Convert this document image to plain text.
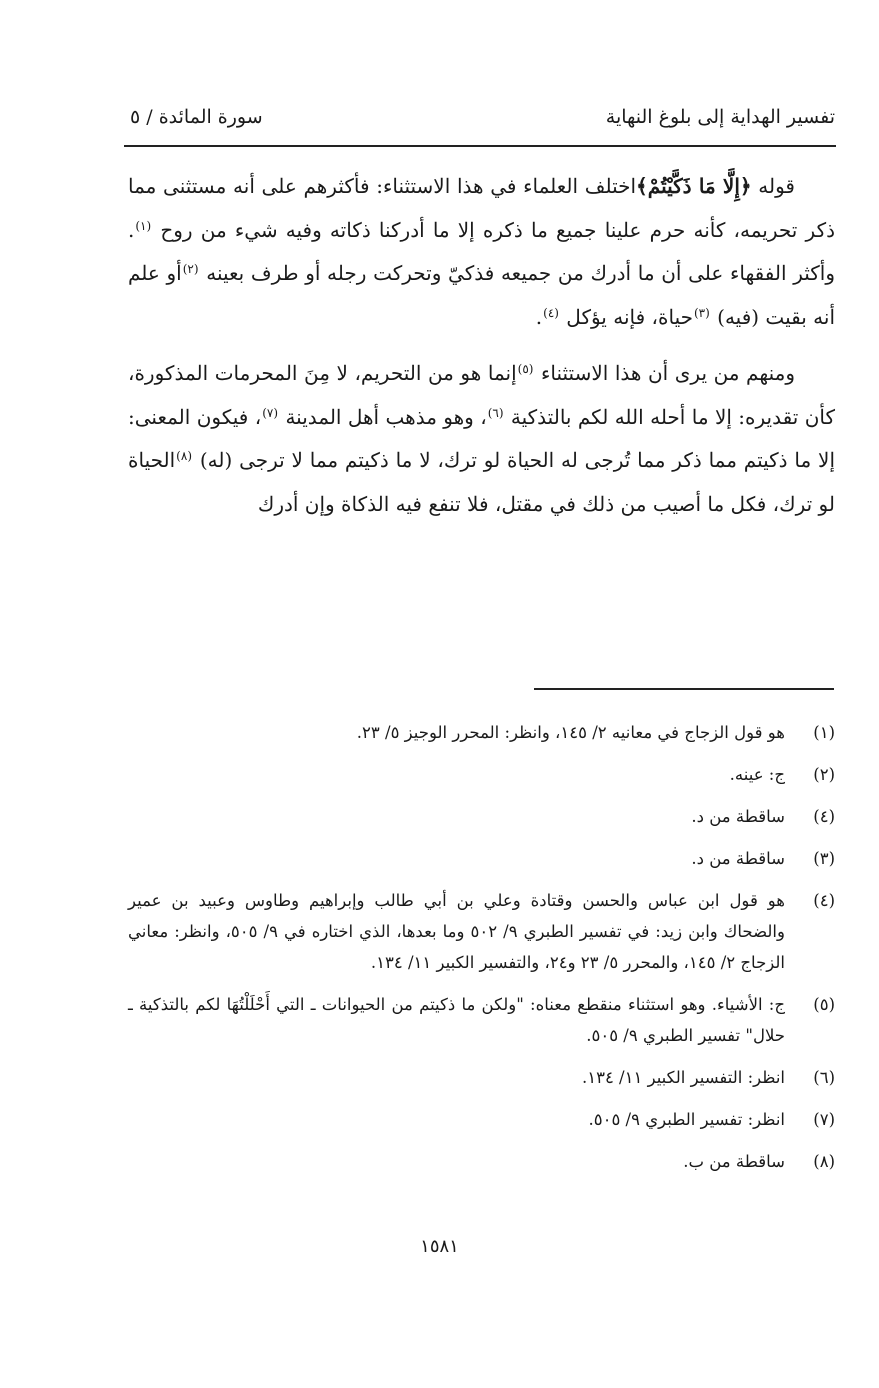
تفسير الهداية إلى بلوغ النهاية
سورة المائدة / ٥

قوله ﴿إِلَّا مَا ذَكَّيْتُمْ﴾اختلف العلماء في هذا الاستثناء: فأكثرهم على أنه مستثنى مما ذكر تحريمه، كأنه حرم علينا جميع ما ذكره إلا ما أدركنا ذكاته وفيه شيء من روح $^{(١)}$. وأكثر الفقهاء على أن ما أدرك من جميعه فذكيّ وتحركت رجله أو طرف بعينه $^{(٢)}$أو علم أنه بقيت (فيه) $^{(٣)}$حياة، فإنه يؤكل $^{(٤)}$.

ومنهم من يرى أن هذا الاستثناء $^{(٥)}$إنما هو من التحريم، لا مِنَ المحرمات المذكورة، كأن تقديره: إلا ما أحله الله لكم بالتذكية $^{(٦)}$، وهو مذهب أهل المدينة $^{(٧)}$، فيكون المعنى: إلا ما ذكيتم مما ذكر مما تُرجى له الحياة لو ترك، لا ما ذكيتم مما لا ترجى (له) $^{(٨)}$الحياة لو ترك، فكل ما أصيب من ذلك في مقتل، فلا تنفع فيه الذكاة وإن أدرك

(١)
هو قول الزجاج في معانيه ٢/ ١٤٥، وانظر: المحرر الوجيز ٥/ ٢٣.
(٢)
ج: عينه.
(٤)
ساقطة من د.
(٣)
ساقطة من د.
(٤)
هو قول ابن عباس والحسن وقتادة وعلي بن أبي طالب وإبراهيم وطاوس وعبيد بن عمير والضحاك وابن زيد: في تفسير الطبري ٩/ ٥٠٢ وما بعدها، الذي اختاره في ٩/ ٥٠٥، وانظر: معاني الزجاج ٢/ ١٤٥، والمحرر ٥/ ٢٣ و٢٤، والتفسير الكبير ١١/ ١٣٤.
(٥)
ج: الأشياء. وهو استثناء منقطع معناه: "ولكن ما ذكيتم من الحيوانات ـ التي أَحْلَلْتُهَا لكم بالتذكية ـ حلال" تفسير الطبري ٩/ ٥٠٥.
(٦)
انظر: التفسير الكبير ١١/ ١٣٤.
(٧)
انظر: تفسير الطبري ٩/ ٥٠٥.
(٨)
ساقطة من ب.
١٥٨١
